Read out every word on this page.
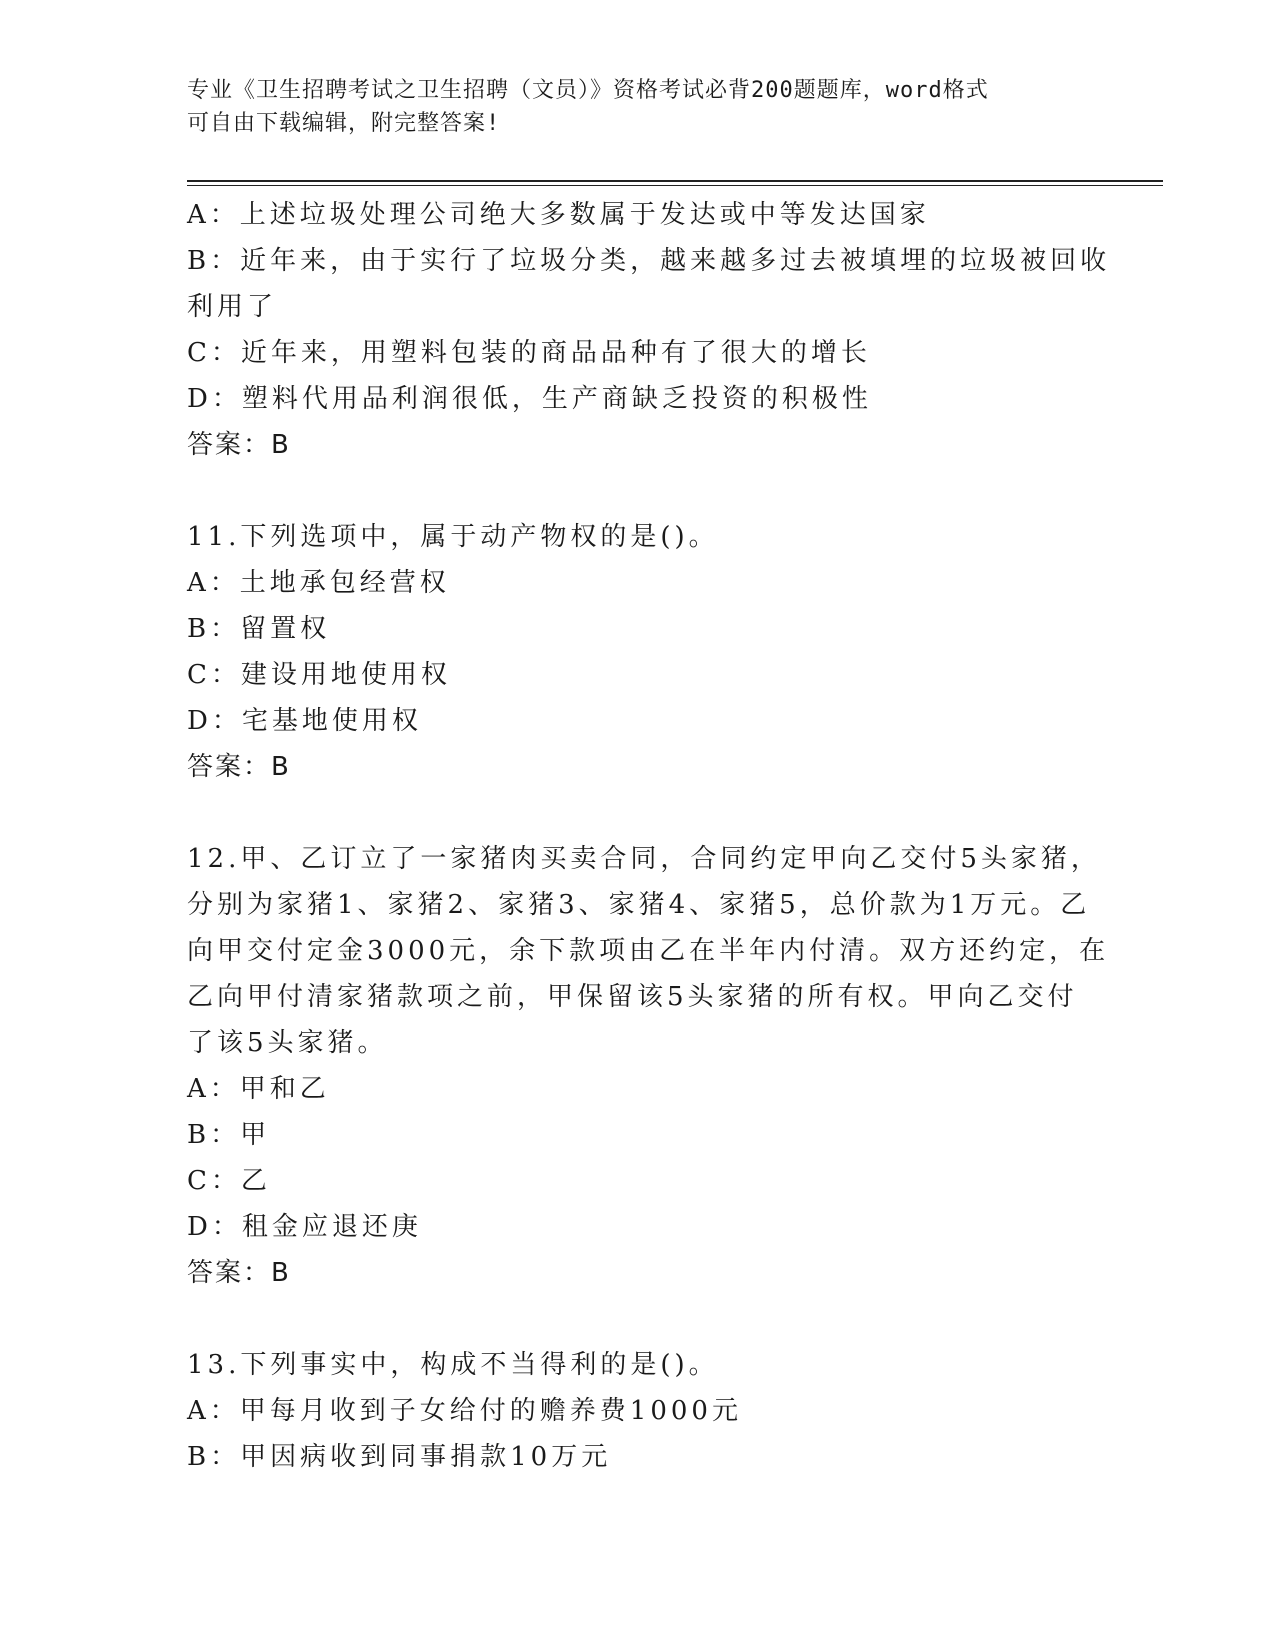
专业《卫生招聘考试之卫生招聘（文员）》资格考试必背200题题库，word格式
可自由下载编辑，附完整答案!
A：上述垃圾处理公司绝大多数属于发达或中等发达国家
B：近年来，由于实行了垃圾分类，越来越多过去被填埋的垃圾被回收
利用了
C：近年来，用塑料包装的商品品种有了很大的增长
D：塑料代用品利润很低，生产商缺乏投资的积极性
答案：B
11.下列选项中，属于动产物权的是()。
A：土地承包经营权
B：留置权
C：建设用地使用权
D：宅基地使用权
答案：B
12.甲、乙订立了一家猪肉买卖合同，合同约定甲向乙交付5头家猪，
分别为家猪1、家猪2、家猪3、家猪4、家猪5，总价款为1万元。乙
向甲交付定金3000元，余下款项由乙在半年内付清。双方还约定，在
乙向甲付清家猪款项之前，甲保留该5头家猪的所有权。甲向乙交付
了该5头家猪。
A：甲和乙
B：甲
C：乙
D：租金应退还庚
答案：B
13.下列事实中，构成不当得利的是()。
A：甲每月收到子女给付的赡养费1000元
B：甲因病收到同事捐款10万元
